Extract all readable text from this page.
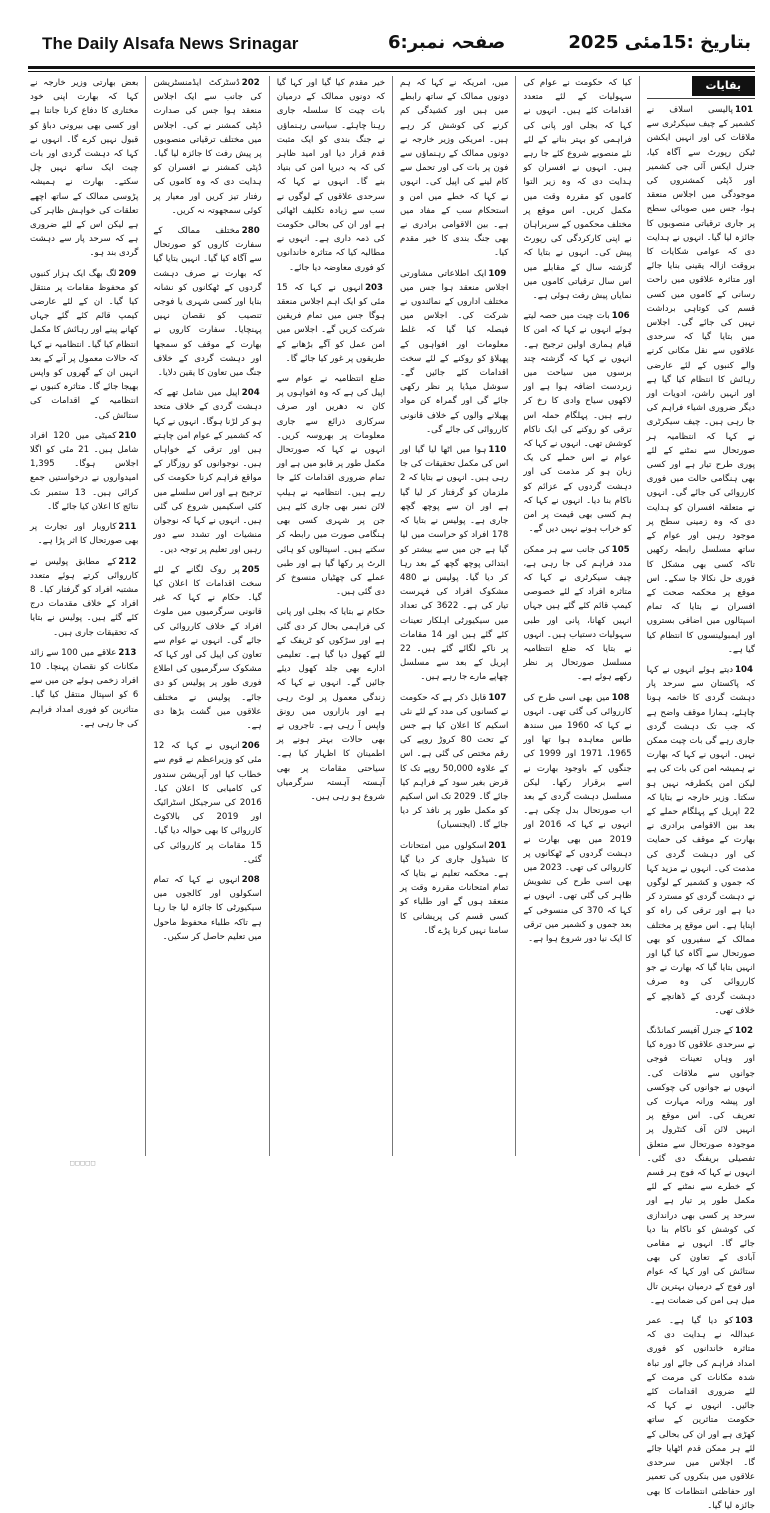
The Daily Alsafa News Srinagar	صفحہ نمبر:6	بتاریخ :15مئی 2025
بقایات

101پالیسی اسلاف نے کشمیر کے چیف سیکرٹری سے ملاقات کی اور انہیں ایکشن ٹیکن رپورٹ سے آگاہ کیا، جنرل ایکس آئی جی کشمیر اور ڈپٹی کمشنروں کی موجودگی میں اجلاس منعقد ہوا، جس میں صوبائی سطح پر جاری ترقیاتی منصوبوں کا جائزہ لیا گیا۔ انہوں نے ہدایت دی کہ عوامی شکایات کا بروقت ازالہ یقینی بنایا جائے اور متاثرہ علاقوں میں راحت رسانی کے کاموں میں کسی قسم کی کوتاہی برداشت نہیں کی جائے گی۔ اجلاس میں بتایا گیا کہ سرحدی علاقوں سے نقل مکانی کرنے والے کنبوں کے لئے عارضی رہائش کا انتظام کیا گیا ہے اور انہیں راشن، ادویات اور دیگر ضروری اشیاء فراہم کی جا رہی ہیں۔ چیف سیکرٹری نے کہا کہ انتظامیہ ہر صورتحال سے نمٹنے کے لئے پوری طرح تیار ہے اور کسی بھی ہنگامی حالت میں فوری کارروائی کی جائے گی۔ انہوں نے متعلقہ افسران کو ہدایت دی کہ وہ زمینی سطح پر موجود رہیں اور عوام کے ساتھ مسلسل رابطہ رکھیں تاکہ کسی بھی مشکل کا فوری حل نکالا جا سکے۔ اس موقع پر محکمہ صحت کے افسران نے بتایا کہ تمام اسپتالوں میں اضافی بستروں اور ایمبولینسوں کا انتظام کیا گیا ہے۔

104دیتے ہوئے انہوں نے کہا کہ پاکستان سے سرحد پار دہشت گردی کا خاتمہ ہونا چاہئے، ہمارا موقف واضح ہے کہ جب تک دہشت گردی جاری رہے گی بات چیت ممکن نہیں۔ انہوں نے کہا کہ بھارت نے ہمیشہ امن کی بات کی ہے لیکن امن یکطرفہ نہیں ہو سکتا۔ وزیر خارجہ نے بتایا کہ 22 اپریل کے پہلگام حملے کے بعد بین الاقوامی برادری نے بھارت کے موقف کی حمایت کی اور دہشت گردی کی مذمت کی۔ انہوں نے مزید کہا کہ جموں و کشمیر کے لوگوں نے دہشت گردی کو مسترد کر دیا ہے اور ترقی کی راہ کو اپنایا ہے۔ اس موقع پر مختلف ممالک کے سفیروں کو بھی صورتحال سے آگاہ کیا گیا اور انہیں بتایا گیا کہ بھارت نے جو کارروائی کی وہ صرف دہشت گردی کے ڈھانچے کے خلاف تھی۔

102کے جنرل آفیسر کمانڈنگ نے سرحدی علاقوں کا دورہ کیا اور وہاں تعینات فوجی جوانوں سے ملاقات کی۔ انہوں نے جوانوں کی چوکسی اور پیشہ ورانہ مہارت کی تعریف کی۔ اس موقع پر انہیں لائن آف کنٹرول پر موجودہ صورتحال سے متعلق تفصیلی بریفنگ دی گئی۔ انہوں نے کہا کہ فوج ہر قسم کے خطرے سے نمٹنے کے لئے مکمل طور پر تیار ہے اور سرحد پر کسی بھی دراندازی کی کوشش کو ناکام بنا دیا جائے گا۔ انہوں نے مقامی آبادی کے تعاون کی بھی ستائش کی اور کہا کہ عوام اور فوج کے درمیان بہترین تال میل ہی امن کی ضمانت ہے۔

103کو دیا گیا ہے۔ عمر عبداللہ نے ہدایت دی کہ متاثرہ خاندانوں کو فوری امداد فراہم کی جائے اور تباہ شدہ مکانات کی مرمت کے لئے ضروری اقدامات کئے جائیں۔ انہوں نے کہا کہ حکومت متاثرین کے ساتھ کھڑی ہے اور ان کی بحالی کے لئے ہر ممکن قدم اٹھایا جائے گا۔ اجلاس میں سرحدی علاقوں میں بنکروں کی تعمیر اور حفاظتی انتظامات کا بھی جائزہ لیا گیا۔

کیا کہ حکومت نے عوام کی سہولیات کے لئے متعدد اقدامات کئے ہیں۔ انہوں نے کہا کہ بجلی اور پانی کی فراہمی کو بہتر بنانے کے لئے نئے منصوبے شروع کئے جا رہے ہیں۔ انہوں نے افسران کو ہدایت دی کہ وہ زیر التوا کاموں کو مقررہ وقت میں مکمل کریں۔ اس موقع پر مختلف محکموں کے سربراہان نے اپنی کارکردگی کی رپورٹ پیش کی۔ انہوں نے بتایا کہ گزشتہ سال کے مقابلے میں اس سال ترقیاتی کاموں میں نمایاں پیش رفت ہوئی ہے۔

106بات چیت میں حصہ لیتے ہوئے انہوں نے کہا کہ امن کا قیام ہماری اولین ترجیح ہے۔ انہوں نے کہا کہ گزشتہ چند برسوں میں سیاحت میں زبردست اضافہ ہوا ہے اور لاکھوں سیاح وادی کا رخ کر رہے ہیں۔ پہلگام حملہ اس ترقی کو روکنے کی ایک ناکام کوشش تھی۔ انہوں نے کہا کہ عوام نے اس حملے کی یک زبان ہو کر مذمت کی اور دہشت گردوں کے عزائم کو ناکام بنا دیا۔ انہوں نے کہا کہ ہم کسی بھی قیمت پر امن کو خراب ہونے نہیں دیں گے۔

105کی جانب سے ہر ممکن مدد فراہم کی جا رہی ہے، چیف سیکرٹری نے کہا کہ متاثرہ افراد کے لئے خصوصی کیمپ قائم کئے گئے ہیں جہاں انہیں کھانا، پانی اور طبی سہولیات دستیاب ہیں۔ انہوں نے بتایا کہ ضلع انتظامیہ مسلسل صورتحال پر نظر رکھے ہوئے ہے۔

108میں بھی اسی طرح کی کارروائی کی گئی تھی۔ انہوں نے کہا کہ 1960 میں سندھ طاس معاہدہ ہوا تھا اور 1965، 1971 اور 1999 کی جنگوں کے باوجود بھارت نے اسے برقرار رکھا۔ لیکن مسلسل دہشت گردی کے بعد اب صورتحال بدل چکی ہے۔ انہوں نے کہا کہ 2016 اور 2019 میں بھی بھارت نے دہشت گردوں کے ٹھکانوں پر کارروائی کی تھی۔ 2023 میں بھی اسی طرح کی تشویش ظاہر کی گئی تھی۔ انہوں نے کہا کہ 370 کی منسوخی کے بعد جموں و کشمیر میں ترقی کا ایک نیا دور شروع ہوا ہے۔

میں، امریکہ نے کہا کہ ہم دونوں ممالک کے ساتھ رابطے میں ہیں اور کشیدگی کم کرنے کی کوشش کر رہے ہیں۔ امریکی وزیر خارجہ نے دونوں ممالک کے رہنماؤں سے فون پر بات کی اور تحمل سے کام لینے کی اپیل کی۔ انہوں نے کہا کہ خطے میں امن و استحکام سب کے مفاد میں ہے۔ بین الاقوامی برادری نے بھی جنگ بندی کا خیر مقدم کیا۔

109ایک اطلاعاتی مشاورتی اجلاس منعقد ہوا جس میں مختلف اداروں کے نمائندوں نے شرکت کی۔ اجلاس میں فیصلہ کیا گیا کہ غلط معلومات اور افواہوں کے پھیلاؤ کو روکنے کے لئے سخت اقدامات کئے جائیں گے۔ سوشل میڈیا پر نظر رکھی جائے گی اور گمراہ کن مواد پھیلانے والوں کے خلاف قانونی کارروائی کی جائے گی۔

110ہوا میں اٹھا لیا گیا اور اس کی مکمل تحقیقات کی جا رہی ہیں۔ انہوں نے بتایا کہ 2 ملزمان کو گرفتار کر لیا گیا ہے اور ان سے پوچھ گچھ جاری ہے۔ پولیس نے بتایا کہ 178 افراد کو حراست میں لیا گیا ہے جن میں سے بیشتر کو ابتدائی پوچھ گچھ کے بعد رہا کر دیا گیا۔ پولیس نے 480 مشکوک افراد کی فہرست تیار کی ہے۔ 3622 کی تعداد میں سیکیورٹی اہلکار تعینات کئے گئے ہیں اور 14 مقامات پر ناکے لگائے گئے ہیں۔ 22 اپریل کے بعد سے مسلسل چھاپے مارے جا رہے ہیں۔

107قابل ذکر ہے کہ حکومت نے کسانوں کی مدد کے لئے نئی اسکیم کا اعلان کیا ہے جس کے تحت 80 کروڑ روپے کی رقم مختص کی گئی ہے۔ اس کے علاوہ 50,000 روپے تک کا قرض بغیر سود کے فراہم کیا جائے گا۔ 2029 تک اس اسکیم کو مکمل طور پر نافذ کر دیا جائے گا۔ (ایجنسیاں)

201اسکولوں میں امتحانات کا شیڈول جاری کر دیا گیا ہے۔ محکمہ تعلیم نے بتایا کہ تمام امتحانات مقررہ وقت پر منعقد ہوں گے اور طلباء کو کسی قسم کی پریشانی کا سامنا نہیں کرنا پڑے گا۔

خیر مقدم کیا گیا اور کہا گیا کہ دونوں ممالک کے درمیان بات چیت کا سلسلہ جاری رہنا چاہئے۔ سیاسی رہنماؤں نے جنگ بندی کو ایک مثبت قدم قرار دیا اور امید ظاہر کی کہ یہ دیرپا امن کی بنیاد بنے گا۔ انہوں نے کہا کہ سرحدی علاقوں کے لوگوں نے سب سے زیادہ تکلیف اٹھائی ہے اور ان کی بحالی حکومت کی ذمہ داری ہے۔ انہوں نے مطالبہ کیا کہ متاثرہ خاندانوں کو فوری معاوضہ دیا جائے۔

203انہوں نے کہا کہ 15 مئی کو ایک اہم اجلاس منعقد ہوگا جس میں تمام فریقین شرکت کریں گے۔ اجلاس میں امن عمل کو آگے بڑھانے کے طریقوں پر غور کیا جائے گا۔

ضلع انتظامیہ نے عوام سے اپیل کی ہے کہ وہ افواہوں پر کان نہ دھریں اور صرف سرکاری ذرائع سے جاری معلومات پر بھروسہ کریں۔ انہوں نے کہا کہ صورتحال مکمل طور پر قابو میں ہے اور تمام ضروری اقدامات کئے جا رہے ہیں۔ انتظامیہ نے ہیلپ لائن نمبر بھی جاری کئے ہیں جن پر شہری کسی بھی ہنگامی صورت میں رابطہ کر سکتے ہیں۔ اسپتالوں کو ہائی الرٹ پر رکھا گیا ہے اور طبی عملے کی چھٹیاں منسوخ کر دی گئی ہیں۔

حکام نے بتایا کہ بجلی اور پانی کی فراہمی بحال کر دی گئی ہے اور سڑکوں کو ٹریفک کے لئے کھول دیا گیا ہے۔ تعلیمی ادارے بھی جلد کھول دیئے جائیں گے۔ انہوں نے کہا کہ زندگی معمول پر لوٹ رہی ہے اور بازاروں میں رونق واپس آ رہی ہے۔ تاجروں نے بھی حالات بہتر ہونے پر اطمینان کا اظہار کیا ہے۔ سیاحتی مقامات پر بھی آہستہ آہستہ سرگرمیاں شروع ہو رہی ہیں۔

202ڈسٹرکٹ ایڈمنسٹریشن کی جانب سے ایک اجلاس منعقد ہوا جس کی صدارت ڈپٹی کمشنر نے کی۔ اجلاس میں مختلف ترقیاتی منصوبوں پر پیش رفت کا جائزہ لیا گیا۔ ڈپٹی کمشنر نے افسران کو ہدایت دی کہ وہ کاموں کی رفتار تیز کریں اور معیار پر کوئی سمجھوتہ نہ کریں۔

280مختلف ممالک کے سفارت کاروں کو صورتحال سے آگاہ کیا گیا۔ انہیں بتایا گیا کہ بھارت نے صرف دہشت گردوں کے ٹھکانوں کو نشانہ بنایا اور کسی شہری یا فوجی تنصیب کو نقصان نہیں پہنچایا۔ سفارت کاروں نے بھارت کے موقف کو سمجھا اور دہشت گردی کے خلاف جنگ میں تعاون کا یقین دلایا۔

204اپیل میں شامل تھے کہ دہشت گردی کے خلاف متحد ہو کر لڑنا ہوگا۔ انہوں نے کہا کہ کشمیر کے عوام امن چاہتے ہیں اور ترقی کے خواہاں ہیں۔ نوجوانوں کو روزگار کے مواقع فراہم کرنا حکومت کی ترجیح ہے اور اس سلسلے میں کئی اسکیمیں شروع کی گئی ہیں۔ انہوں نے کہا کہ نوجوان منشیات اور تشدد سے دور رہیں اور تعلیم پر توجہ دیں۔

205پر روک لگانے کے لئے سخت اقدامات کا اعلان کیا گیا۔ حکام نے کہا کہ غیر قانونی سرگرمیوں میں ملوث افراد کے خلاف کارروائی کی جائے گی۔ انہوں نے عوام سے تعاون کی اپیل کی اور کہا کہ مشکوک سرگرمیوں کی اطلاع فوری طور پر پولیس کو دی جائے۔ پولیس نے مختلف علاقوں میں گشت بڑھا دی ہے۔

206انہوں نے کہا کہ 12 مئی کو وزیراعظم نے قوم سے خطاب کیا اور آپریشن سندور کی کامیابی کا اعلان کیا۔ 2016 کی سرجیکل اسٹرائیک اور 2019 کی بالاکوٹ کارروائی کا بھی حوالہ دیا گیا۔ 15 مقامات پر کارروائی کی گئی۔

208انہوں نے کہا کہ تمام اسکولوں اور کالجوں میں سیکیورٹی کا جائزہ لیا جا رہا ہے تاکہ طلباء محفوظ ماحول میں تعلیم حاصل کر سکیں۔

بعض بھارتی وزیر خارجہ نے کہا کہ بھارت اپنی خود مختاری کا دفاع کرنا جانتا ہے اور کسی بھی بیرونی دباؤ کو قبول نہیں کرے گا۔ انہوں نے کہا کہ دہشت گردی اور بات چیت ایک ساتھ نہیں چل سکتے۔ بھارت نے ہمیشہ پڑوسی ممالک کے ساتھ اچھے تعلقات کی خواہش ظاہر کی ہے لیکن اس کے لئے ضروری ہے کہ سرحد پار سے دہشت گردی بند ہو۔

209لگ بھگ ایک ہزار کنبوں کو محفوظ مقامات پر منتقل کیا گیا۔ ان کے لئے عارضی کیمپ قائم کئے گئے جہاں کھانے پینے اور رہائش کا مکمل انتظام کیا گیا۔ انتظامیہ نے کہا کہ حالات معمول پر آنے کے بعد انہیں ان کے گھروں کو واپس بھیجا جائے گا۔ متاثرہ کنبوں نے انتظامیہ کے اقدامات کی ستائش کی۔

210کمیٹی میں 120 افراد شامل ہیں۔ 21 مئی کو اگلا اجلاس ہوگا۔ 1,395 امیدواروں نے درخواستیں جمع کرائی ہیں۔ 13 ستمبر تک نتائج کا اعلان کیا جائے گا۔

211کاروبار اور تجارت پر بھی صورتحال کا اثر پڑا ہے۔

212کے مطابق پولیس نے کارروائی کرتے ہوئے متعدد مشتبہ افراد کو گرفتار کیا۔ 8 افراد کے خلاف مقدمات درج کئے گئے ہیں۔ پولیس نے بتایا کہ تحقیقات جاری ہیں۔

213علاقے میں 100 سے زائد مکانات کو نقصان پہنچا۔ 10 افراد زخمی ہوئے جن میں سے 6 کو اسپتال منتقل کیا گیا۔ متاثرین کو فوری امداد فراہم کی جا رہی ہے۔

□□□□□
